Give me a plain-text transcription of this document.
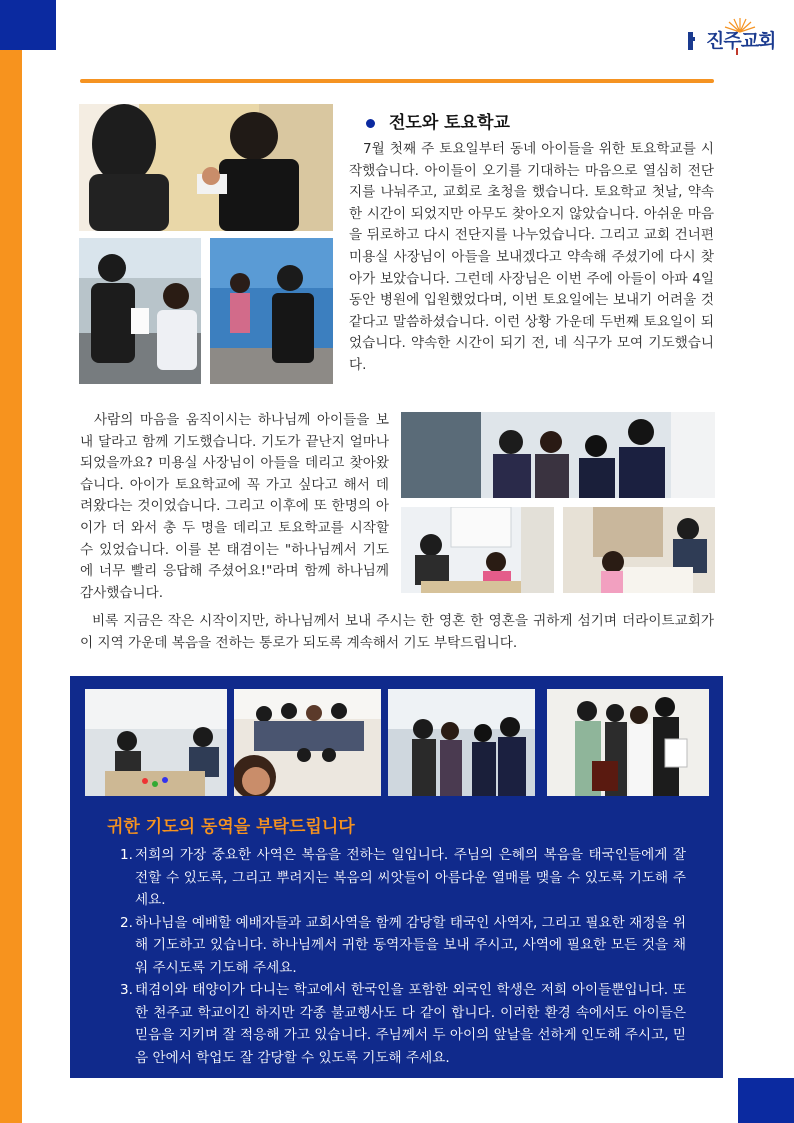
진주교회
전도와 토요학교
7월 첫째 주 토요일부터 동네 아이들을 위한 토요학교를 시작했습니다. 아이들이 오기를 기대하는 마음으로 열심히 전단지를 나눠주고, 교회로 초청을 했습니다. 토요학교 첫날, 약속한 시간이 되었지만 아무도 찾아오지 않았습니다. 아쉬운 마음을 뒤로하고 다시 전단지를 나누었습니다. 그리고 교회 건너편 미용실 사장님이 아들을 보내겠다고 약속해 주셨기에 다시 찾아가 보았습니다. 그런데 사장님은 이번 주에 아들이 아파 4일 동안 병원에 입원했었다며, 이번 토요일에는 보내기 어려울 것 같다고 말씀하셨습니다. 이런 상황 가운데 두번째 토요일이 되었습니다. 약속한 시간이 되기 전, 네 식구가 모여 기도했습니다.
사람의 마음을 움직이시는 하나님께 아이들을 보내 달라고 함께 기도했습니다. 기도가 끝난지 얼마나 되었을까요? 미용실 사장님이 아들을 데리고 찾아왔습니다. 아이가 토요학교에 꼭 가고 싶다고 해서 데려왔다는 것이었습니다. 그리고 이후에 또 한명의 아이가 더 와서 총 두 명을 데리고 토요학교를 시작할 수 있었습니다. 이를 본 태겸이는 "하나님께서 기도에 너무 빨리 응답해 주셨어요!"라며 함께 하나님께 감사했습니다.
비록 지금은 작은 시작이지만, 하나님께서 보내 주시는 한 영혼 한 영혼을 귀하게 섬기며 더라이트교회가 이 지역 가운데 복음을 전하는 통로가 되도록 계속해서 기도 부탁드립니다.
귀한 기도의 동역을 부탁드립니다
1. 저희의 가장 중요한 사역은 복음을 전하는 일입니다. 주님의 은혜의 복음을 태국인들에게 잘 전할 수 있도록, 그리고 뿌려지는 복음의 씨앗들이 아름다운 열매를 맺을 수 있도록 기도해 주세요.
2. 하나님을 예배할 예배자들과 교회사역을 함께 감당할 태국인 사역자, 그리고 필요한 재정을 위해 기도하고 있습니다. 하나님께서 귀한 동역자들을 보내 주시고, 사역에 필요한 모든 것을 채워 주시도록 기도해 주세요.
3. 태겸이와 태양이가 다니는 학교에서 한국인을 포함한 외국인 학생은 저희 아이들뿐입니다. 또한 천주교 학교이긴 하지만 각종 불교행사도 다 같이 합니다. 이러한 환경 속에서도 아이들은 믿음을 지키며 잘 적응해 가고 있습니다. 주님께서 두 아이의 앞날을 선하게 인도해 주시고, 믿음 안에서 학업도 잘 감당할 수 있도록 기도해 주세요.
